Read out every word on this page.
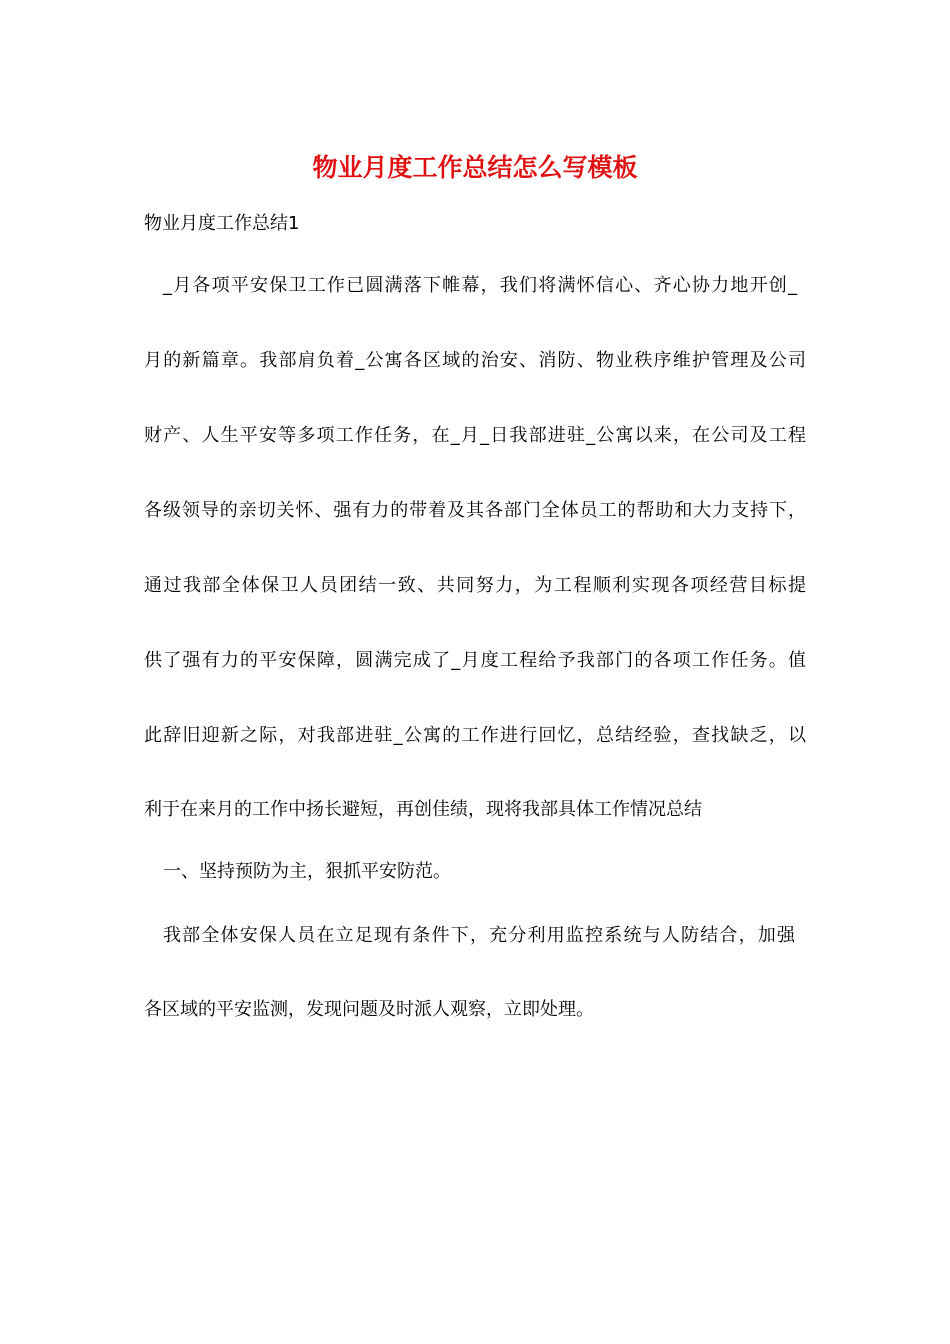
物业月度工作总结怎么写模板

物业月度工作总结1

_月各项平安保卫工作已圆满落下帷幕，我们将满怀信心、齐心协力地开创_

月的新篇章。我部肩负着_公寓各区域的治安、消防、物业秩序维护管理及公司

财产、人生平安等多项工作任务，在_月_日我部进驻_公寓以来，在公司及工程

各级领导的亲切关怀、强有力的带着及其各部门全体员工的帮助和大力支持下，

通过我部全体保卫人员团结一致、共同努力，为工程顺利实现各项经营目标提

供了强有力的平安保障，圆满完成了_月度工程给予我部门的各项工作任务。值

此辞旧迎新之际，对我部进驻_公寓的工作进行回忆，总结经验，查找缺乏，以

利于在来月的工作中扬长避短，再创佳绩，现将我部具体工作情况总结

一、坚持预防为主，狠抓平安防范。

我部全体安保人员在立足现有条件下，充分利用监控系统与人防结合，加强

各区域的平安监测，发现问题及时派人观察，立即处理。
